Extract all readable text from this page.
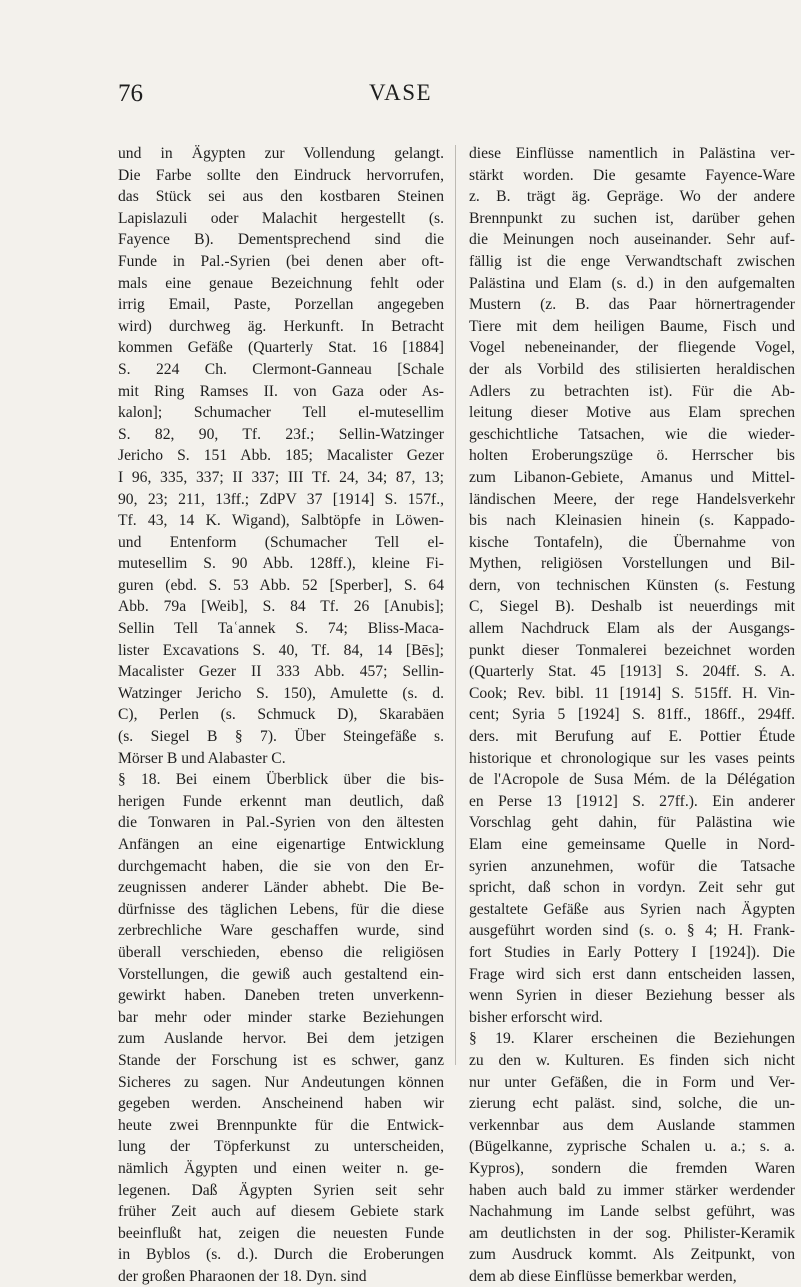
76	VASE
und in Ägypten zur Vollendung gelangt.
Die Farbe sollte den Eindruck hervorrufen,
das Stück sei aus den kostbaren Steinen
Lapislazuli oder Malachit hergestellt (s.
Fayence B). Dementsprechend sind die
Funde in Pal.-Syrien (bei denen aber oft-
mals eine genaue Bezeichnung fehlt oder
irrig Email, Paste, Porzellan angegeben
wird) durchweg äg. Herkunft. In Betracht
kommen Gefäße (Quarterly Stat. 16 [1884]
S. 224 Ch. Clermont-Ganneau [Schale
mit Ring Ramses II. von Gaza oder As-
kalon]; Schumacher Tell el-mutesellim
S. 82, 90, Tf. 23f.; Sellin-Watzinger
Jericho S. 151 Abb. 185; Macalister Gezer
I 96, 335, 337; II 337; III Tf. 24, 34; 87, 13;
90, 23; 211, 13ff.; ZdPV 37 [1914] S. 157f.,
Tf. 43, 14 K. Wigand), Salbtöpfe in Löwen-
und Entenform (Schumacher Tell el-
mutesellim S. 90 Abb. 128ff.), kleine Fi-
guren (ebd. S. 53 Abb. 52 [Sperber], S. 64
Abb. 79a [Weib], S. 84 Tf. 26 [Anubis];
Sellin Tell Taʿannek S. 74; Bliss-Maca-
lister Excavations S. 40, Tf. 84, 14 [Bēs];
Macalister Gezer II 333 Abb. 457; Sellin-
Watzinger Jericho S. 150), Amulette (s. d.
C), Perlen (s. Schmuck D), Skarabäen
(s. Siegel B § 7). Über Steingefäße s.
Mörser B und Alabaster C.
§ 18. Bei einem Überblick über die bis-
herigen Funde erkennt man deutlich, daß
die Tonwaren in Pal.-Syrien von den ältesten
Anfängen an eine eigenartige Entwicklung
durchgemacht haben, die sie von den Er-
zeugnissen anderer Länder abhebt. Die Be-
dürfnisse des täglichen Lebens, für die diese
zerbrechliche Ware geschaffen wurde, sind
überall verschieden, ebenso die religiösen
Vorstellungen, die gewiß auch gestaltend ein-
gewirkt haben. Daneben treten unverkenn-
bar mehr oder minder starke Beziehungen
zum Auslande hervor. Bei dem jetzigen
Stande der Forschung ist es schwer, ganz
Sicheres zu sagen. Nur Andeutungen können
gegeben werden. Anscheinend haben wir
heute zwei Brennpunkte für die Entwick-
lung der Töpferkunst zu unterscheiden,
nämlich Ägypten und einen weiter n. ge-
legenen. Daß Ägypten Syrien seit sehr
früher Zeit auch auf diesem Gebiete stark
beeinflußt hat, zeigen die neuesten Funde
in Byblos (s. d.). Durch die Eroberungen
der großen Pharaonen der 18. Dyn. sind
diese Einflüsse namentlich in Palästina ver-
stärkt worden. Die gesamte Fayence-Ware
z. B. trägt äg. Gepräge. Wo der andere
Brennpunkt zu suchen ist, darüber gehen
die Meinungen noch auseinander. Sehr auf-
fällig ist die enge Verwandtschaft zwischen
Palästina und Elam (s. d.) in den aufgemalten
Mustern (z. B. das Paar hörnertragender
Tiere mit dem heiligen Baume, Fisch und
Vogel nebeneinander, der fliegende Vogel,
der als Vorbild des stilisierten heraldischen
Adlers zu betrachten ist). Für die Ab-
leitung dieser Motive aus Elam sprechen
geschichtliche Tatsachen, wie die wieder-
holten Eroberungszüge ö. Herrscher bis
zum Libanon-Gebiete, Amanus und Mittel-
ländischen Meere, der rege Handelsverkehr
bis nach Kleinasien hinein (s. Kappado-
kische Tontafeln), die Übernahme von
Mythen, religiösen Vorstellungen und Bil-
dern, von technischen Künsten (s. Festung
C, Siegel B). Deshalb ist neuerdings mit
allem Nachdruck Elam als der Ausgangs-
punkt dieser Tonmalerei bezeichnet worden
(Quarterly Stat. 45 [1913] S. 204ff. S. A.
Cook; Rev. bibl. 11 [1914] S. 515ff. H. Vin-
cent; Syria 5 [1924] S. 81ff., 186ff., 294ff.
ders. mit Berufung auf E. Pottier Étude
historique et chronologique sur les vases peints
de l'Acropole de Susa Mém. de la Délégation
en Perse 13 [1912] S. 27ff.). Ein anderer
Vorschlag geht dahin, für Palästina wie
Elam eine gemeinsame Quelle in Nord-
syrien anzunehmen, wofür die Tatsache
spricht, daß schon in vordyn. Zeit sehr gut
gestaltete Gefäße aus Syrien nach Ägypten
ausgeführt worden sind (s. o. § 4; H. Frank-
fort Studies in Early Pottery I [1924]). Die
Frage wird sich erst dann entscheiden lassen,
wenn Syrien in dieser Beziehung besser als
bisher erforscht wird.
§ 19. Klarer erscheinen die Beziehungen
zu den w. Kulturen. Es finden sich nicht
nur unter Gefäßen, die in Form und Ver-
zierung echt paläst. sind, solche, die un-
verkennbar aus dem Auslande stammen
(Bügelkanne, zyprische Schalen u. a.; s. a.
Kypros), sondern die fremden Waren
haben auch bald zu immer stärker werdender
Nachahmung im Lande selbst geführt, was
am deutlichsten in der sog. Philister-Keramik
zum Ausdruck kommt. Als Zeitpunkt, von
dem ab diese Einflüsse bemerkbar werden,
